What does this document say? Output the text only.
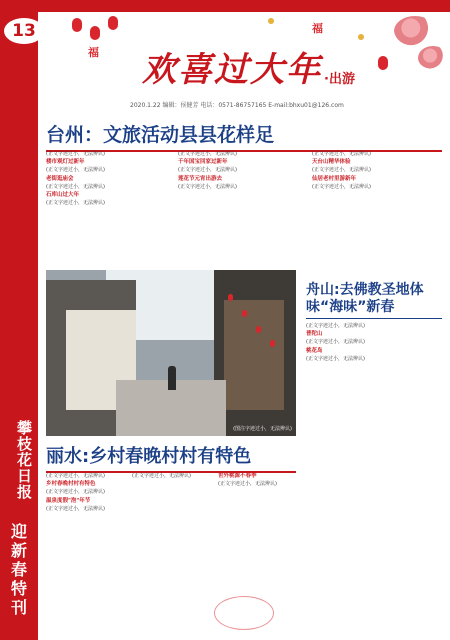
13
攀枝花日报
迎新春特刊
福
福
欢喜过大年 ·出游
2020.1.22 编辑：侯健芳 电话：0571-86757165 E-mail:bhxu01@126.com
台州：文旅活动县县花样足

(正文字迹过小，无法辨认)

楼市观灯过新年

(正文字迹过小，无法辨认)

老街逛庙会

(正文字迹过小，无法辨认)

石库山过大年

(正文字迹过小，无法辨认)

(正文字迹过小，无法辨认)

千年国宝回家过新年

(正文字迹过小，无法辨认)

莲花节元宵出游去

(正文字迹过小，无法辨认)

(正文字迹过小，无法辨认)

天台山精华体验

(正文字迹过小，无法辨认)

仙居老村里游新年

(正文字迹过小，无法辨认)

(图注字迹过小，无法辨认)
舟山:去佛教圣地体味“海味”新春

(正文字迹过小，无法辨认)

普陀山

(正文字迹过小，无法辨认)

桃花岛

(正文字迹过小，无法辨认)

丽水:乡村春晚村村有特色

(正文字迹过小，无法辨认)

乡村春晚村村有特色

(正文字迹过小，无法辨认)

温泉度假"泡"年节

(正文字迹过小，无法辨认)

(正文字迹过小，无法辨认)	世外桃源不春季

(正文字迹过小，无法辨认)
